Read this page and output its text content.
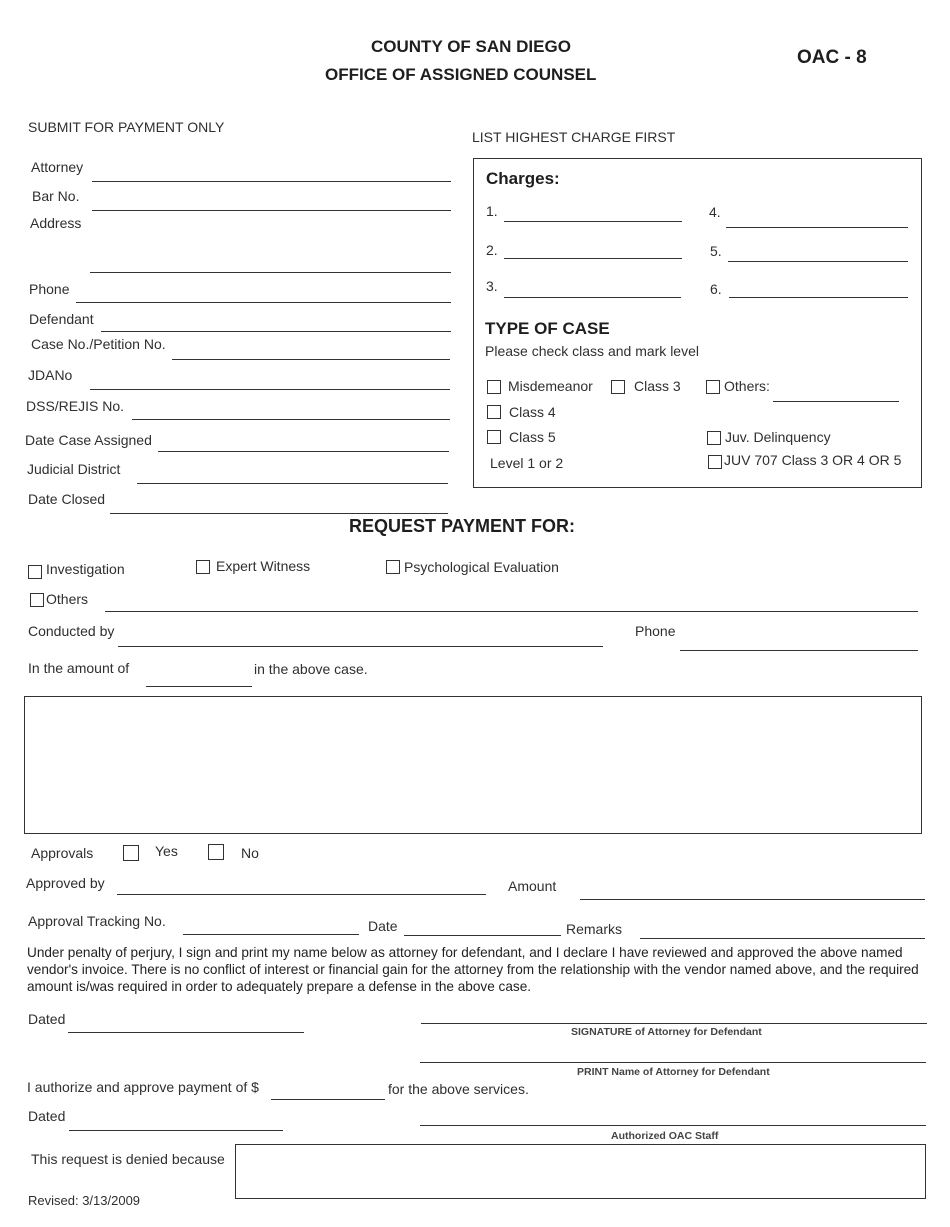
COUNTY OF SAN DIEGO
OFFICE OF ASSIGNED COUNSEL
OAC - 8
SUBMIT FOR PAYMENT ONLY
Attorney
Bar No.
Address
Phone
Defendant
Case No./Petition No.
JDANo
DSS/REJIS No.
Date Case Assigned
Judicial District
Date Closed
LIST HIGHEST CHARGE FIRST
Charges:
1.	4.
2.	5.
3.	6.
TYPE OF CASE
Please check class and mark level
Misdemeanor	Class 3	Others:
Class 4
Class 5	Juv. Delinquency
Level 1 or 2	JUV 707 Class 3 OR 4 OR 5
REQUEST PAYMENT FOR:
Investigation	Expert Witness	Psychological Evaluation
Others
Conducted by	Phone
In the amount of	in the above case.
Approvals	Yes	No
Approved by	Amount
Approval Tracking No.	Date	Remarks
Under penalty of perjury, I sign and print my name below as attorney for defendant, and I declare I have reviewed and approved the above named vendor's invoice. There is no conflict of interest or financial gain for the attorney from the relationship with the vendor named above, and the required amount is/was required in order to adequately prepare a defense in the above case.
Dated
SIGNATURE of Attorney for Defendant
PRINT Name of Attorney for Defendant
I authorize and approve payment of $	for the above services.
Dated
Authorized OAC Staff
This request is denied because
Revised: 3/13/2009
